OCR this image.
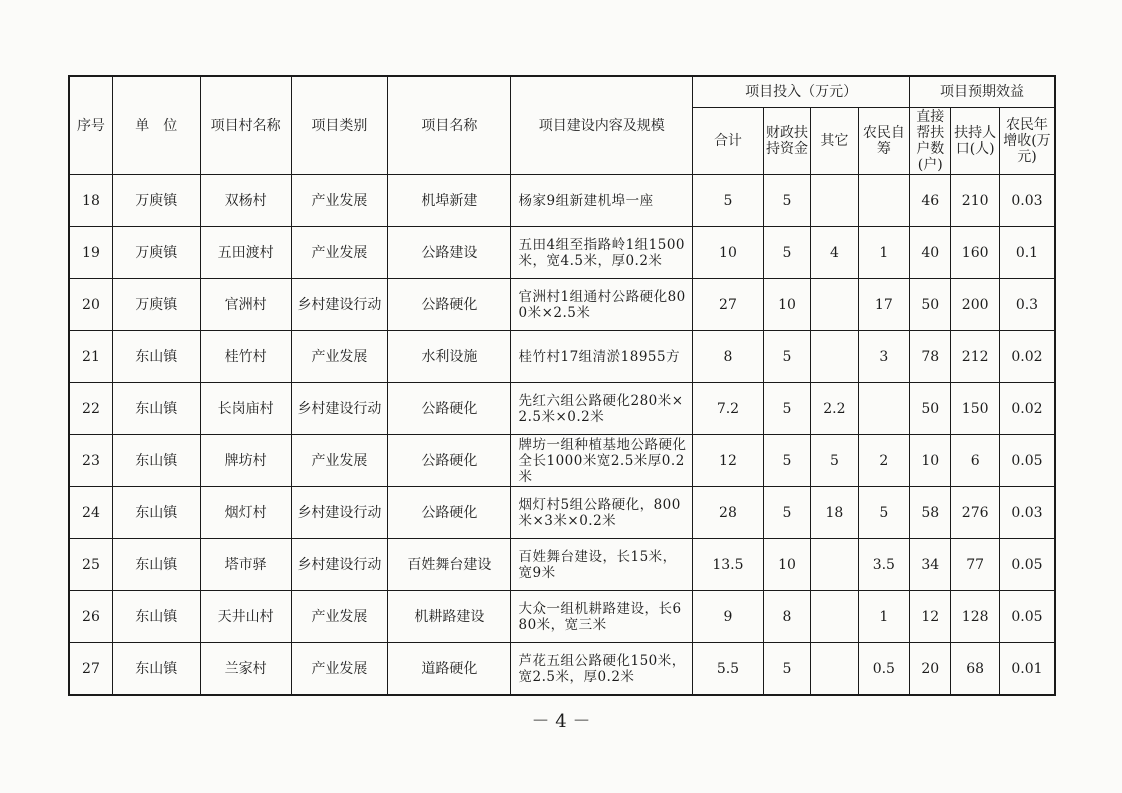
序号	单　位	项目村名称	项目类别	项目名称	项目建设内容及规模	项目投入（万元）				项目预期效益		
						合计	财政扶持资金	其它	农民自筹	直接帮扶户数(户)	扶持人口(人)	农民年增收(万元)
18	万庾镇	双杨村	产业发展	机埠新建	杨家9组新建机埠一座	5	5			46	210	0.03
19	万庾镇	五田渡村	产业发展	公路建设	五田4组至指路岭1组1500米，宽4.5米，厚0.2米	10	5	4	1	40	160	0.1
20	万庾镇	官洲村	乡村建设行动	公路硬化	官洲村1组通村公路硬化800米×2.5米	27	10		17	50	200	0.3
21	东山镇	桂竹村	产业发展	水利设施	桂竹村17组清淤18955方	8	5		3	78	212	0.02
22	东山镇	长岗庙村	乡村建设行动	公路硬化	先红六组公路硬化280米×2.5米×0.2米	7.2	5	2.2		50	150	0.02
23	东山镇	牌坊村	产业发展	公路硬化	牌坊一组种植基地公路硬化全长1000米宽2.5米厚0.2米	12	5	5	2	10	6	0.05
24	东山镇	烟灯村	乡村建设行动	公路硬化	烟灯村5组公路硬化，800米×3米×0.2米	28	5	18	5	58	276	0.03
25	东山镇	塔市驿	乡村建设行动	百姓舞台建设	百姓舞台建设，长15米，宽9米	13.5	10		3.5	34	77	0.05
26	东山镇	天井山村	产业发展	机耕路建设	大众一组机耕路建设，长680米，宽三米	9	8		1	12	128	0.05
27	东山镇	兰家村	产业发展	道路硬化	芦花五组公路硬化150米，宽2.5米，厚0.2米	5.5	5		0.5	20	68	0.01
－ 4 －
